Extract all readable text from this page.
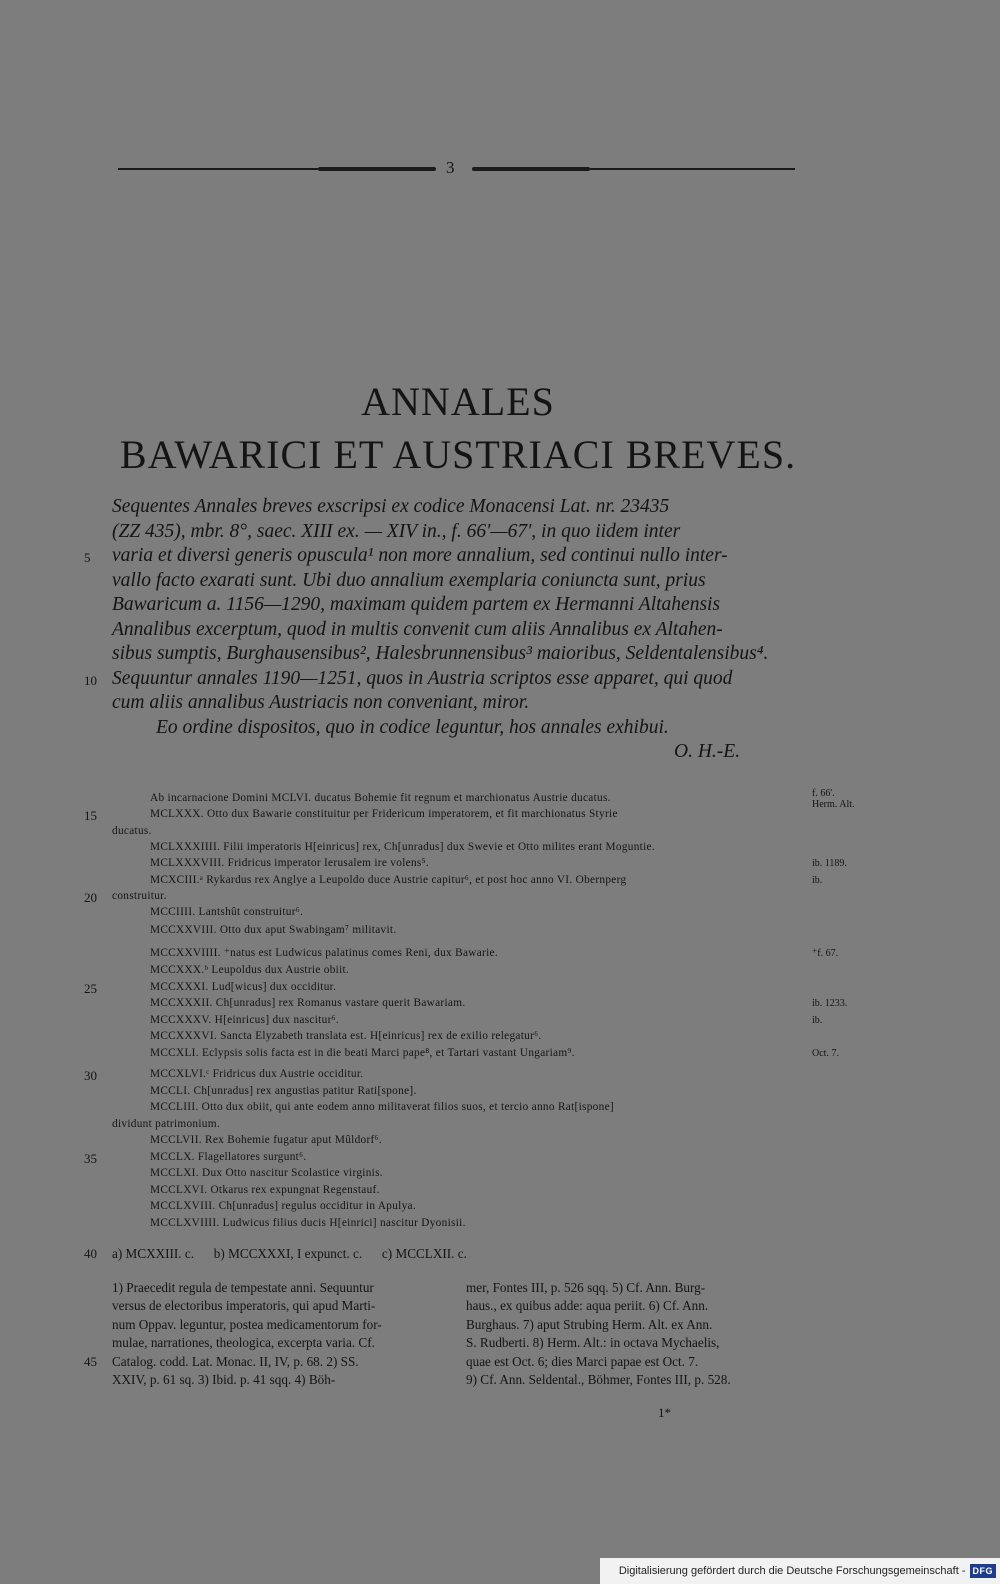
3
ANNALES
BAWARICI ET AUSTRIACI BREVES.
Sequentes Annales breves exscripsi ex codice Monacensi Lat. nr. 23435
(ZZ 435), mbr. 8°, saec. XIII ex. — XIV in., f. 66'—67', in quo iidem inter
varia et diversi generis opuscula¹ non more annalium, sed continui nullo inter-
vallo facto exarati sunt. Ubi duo annalium exemplaria coniuncta sunt, prius
Bawaricum a. 1156—1290, maximam quidem partem ex Hermanni Altahensis
Annalibus excerptum, quod in multis convenit cum aliis Annalibus ex Altahen-
sibus sumptis, Burghausensibus², Halesbrunnensibus³ maioribus, Seldentalensibus⁴.
Sequuntur annales 1190—1251, quos in Austria scriptos esse apparet, qui quod
cum aliis annalibus Austriacis non conveniant, miror.
Eo ordine dispositos, quo in codice leguntur, hos annales exhibui.
O. H.-E.
5
10
Ab incarnacione Domini MCLVI. ducatus Bohemie fit regnum et marchionatus Austrie ducatus.
MCLXXX. Otto dux Bawarie constituitur per Fridericum imperatorem, et fit marchionatus Styrie
ducatus.
MCLXXXIIII. Filii imperatoris H[einricus] rex, Ch[unradus] dux Swevie et Otto milites erant Moguntie.
MCLXXXVIII. Fridricus imperator Ierusalem ire volens⁵.
MCXCIII.ᵃ Rykardus rex Anglye a Leupoldo duce Austrie capitur⁶, et post hoc anno VI. Obernperg
construitur.
MCCIIII. Lantshût construitur⁶.
MCCXXVIII. Otto dux aput Swabingam⁷ militavit.
MCCXXVIIII. ⁺natus est Ludwicus palatinus comes Reni, dux Bawarie.
MCCXXX.ᵇ Leupoldus dux Austrie obiit.
MCCXXXI. Lud[wicus] dux occiditur.
MCCXXXII. Ch[unradus] rex Romanus vastare querit Bawariam.
MCCXXXV. H[einricus] dux nascitur⁶.
MCCXXXVI. Sancta Elyzabeth translata est. H[einricus] rex de exilio relegatur⁶.
MCCXLI. Eclypsis solis facta est in die beati Marci pape⁸, et Tartari vastant Ungariam⁹.
MCCXLVI.ᶜ Fridricus dux Austrie occiditur.
MCCLI. Ch[unradus] rex angustias patitur Rati[spone].
MCCLIII. Otto dux obiit, qui ante eodem anno militaverat filios suos, et tercio anno Rat[ispone]
dividunt patrimonium.
MCCLVII. Rex Bohemie fugatur aput Mûldorf⁶.
MCCLX. Flagellatores surgunt⁶.
MCCLXI. Dux Otto nascitur Scolastice virginis.
MCCLXVI. Otkarus rex expungnat Regenstauf.
MCCLXVIII. Ch[unradus] regulus occiditur in Apulya.
MCCLXVIIII. Ludwicus filius ducis H[einrici] nascitur Dyonisii.
15
20
25
30
35
40
45
f. 66'.
Herm. Alt.
ib. 1189.
ib.
⁺f. 67.
ib. 1233.
ib.
Oct. 7.
a) MCXXIII. c.      b) MCCXXXI, I expunct. c.      c) MCCLXII. c.
1) Praecedit regula de tempestate anni. Sequuntur
versus de electoribus imperatoris, qui apud Marti-
num Oppav. leguntur, postea medicamentorum for-
mulae, narrationes, theologica, excerpta varia. Cf.
Catalog. codd. Lat. Monac. II, IV, p. 68. 2) SS.
XXIV, p. 61 sq. 3) Ibid. p. 41 sqq. 4) Böh-
mer, Fontes III, p. 526 sqq. 5) Cf. Ann. Burg-
haus., ex quibus adde: aqua periit. 6) Cf. Ann.
Burghaus. 7) aput Strubing Herm. Alt. ex Ann.
S. Rudberti. 8) Herm. Alt.: in octava Mychaelis,
quae est Oct. 6; dies Marci papae est Oct. 7.
9) Cf. Ann. Seldental., Böhmer, Fontes III, p. 528.
1*
Digitalisierung gefördert durch die Deutsche Forschungsgemeinschaft - DFG
